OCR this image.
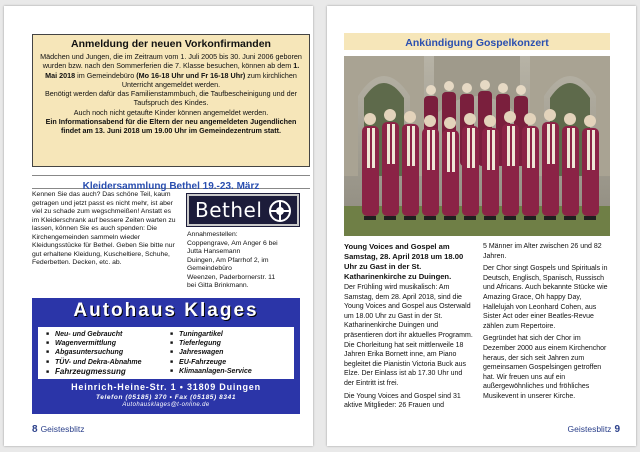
Anmeldung der neuen Vorkonfirmanden

Mädchen und Jungen, die im Zeitraum vom 1. Juli 2005 bis 30. Juni 2006 geboren wurden bzw. nach den Sommerferien die 7. Klasse besuchen, können ab dem 1. Mai 2018 im Gemeindebüro (Mo 16-18 Uhr und Fr 16-18 Uhr) zum kirchlichen Unterricht angemeldet werden.

Benötigt werden dafür das Familienstammbuch, die Taufbescheinigung und der Taufspruch des Kindes.

Auch noch nicht getaufte Kinder können angemeldet werden.

Ein Informationsabend für die Eltern der neu angemeldeten Jugendlichen findet am 13. Juni 2018 um 19.00 Uhr im Gemeindezentrum statt.

Kleidersammlung Bethel 19.-23. März
Kennen Sie das auch? Das schöne Teil, kaum getragen und jetzt passt es nicht mehr, ist aber viel zu schade zum wegschmeißen! Anstatt es im Kleiderschrank auf bessere Zeiten warten zu lassen, können Sie es auch spenden: Die Kirchengemeinden sammeln wieder Kleidungsstücke für Bethel. Geben Sie bitte nur gut erhaltene Kleidung, Kuscheltiere, Schuhe, Federbetten. Decken, etc. ab.
Bethel
Annahmestellen:
Coppengrave, Am Anger 6 bei
Jutta Hansemann
Duingen, Am Pfarrhof 2, im
Gemeindebüro
Weenzen, Paderbornerstr. 11
bei Gitta Brinkmann.
Autohaus Klages
■ Neu- und Gebraucht
■ Wagenvermittlung
■ Abgasuntersuchung
■ TÜV- und Dekra-Abnahme
■ Fahrzeugmessung
■ Tuningartikel
■ Tieferlegung
■ Jahreswagen
■ EU-Fahrzeuge
■ Klimaanlagen-Service
Heinrich-Heine-Str. 1 • 31809 Duingen
Telefon (05185) 370 • Fax (05185) 8341
Autohausklages@t-online.de
8 Geistesblitz
Ankündigung Gospelkonzert
Young Voices and Gospel am Samstag, 28. April 2018 um 18.00 Uhr zu Gast in der St. Katharinenkirche zu Duingen.

Der Frühling wird musikalisch: Am Samstag, dem 28. April 2018, sind die Young Voices and Gospel aus Osterwald um 18.00 Uhr zu Gast in der St. Katharinenkirche Duingen und präsentieren dort ihr aktuelles Programm. Die Chorleitung hat seit mittlerweile 18 Jahren Erika Bornett inne, am Piano begleitet die Pianistin Victoria Buck aus Elze. Der Einlass ist ab 17.30 Uhr und der Eintritt ist frei.

Die Young Voices and Gospel sind 31 aktive Mitglieder: 26 Frauen und

5 Männer im Alter zwischen 26 und 82 Jahren.

Der Chor singt Gospels und Spirituals in Deutsch, Englisch, Spanisch, Russisch und Africans. Auch bekannte Stücke wie Amazing Grace, Oh happy Day, Hallelujah von Leonhard Cohen, aus Sister Act oder einer Beatles-Revue zählen zum Repertoire.

Gegründet hat sich der Chor im Dezember 2000 aus einem Kirchenchor heraus, der sich seit Jahren zum gemeinsamen Gospelsingen getroffen hat. Wir freuen uns auf ein außergewöhnliches und fröhliches Musikevent in unserer Kirche.

Geistesblitz 9
